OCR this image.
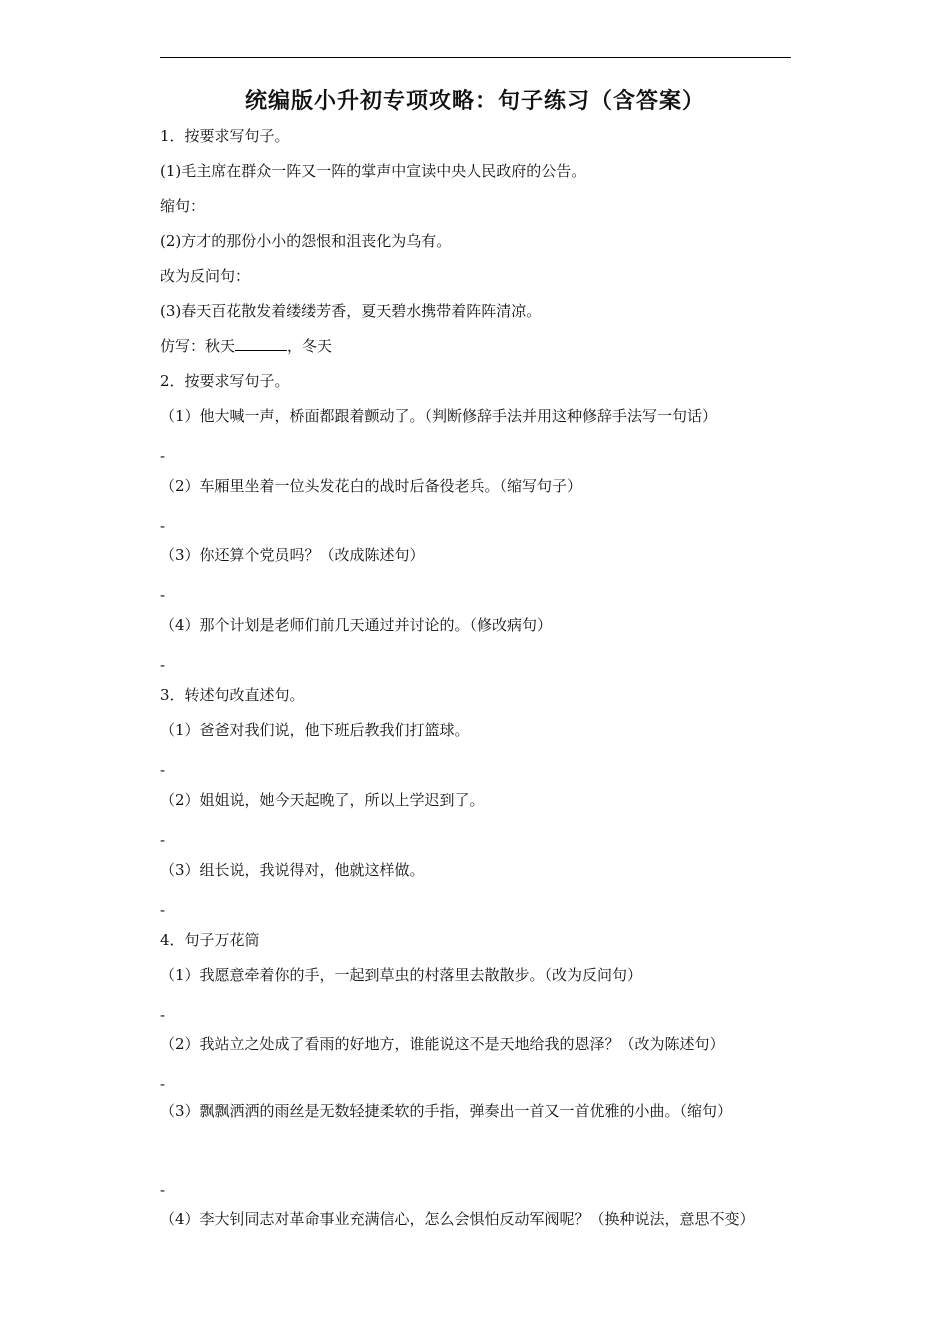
统编版小升初专项攻略：句子练习（含答案）
1．按要求写句子。
(1)毛主席在群众一阵又一阵的掌声中宣读中央人民政府的公告。
缩句：
(2)方才的那份小小的怨恨和沮丧化为乌有。
改为反问句：
(3)春天百花散发着缕缕芳香，夏天碧水携带着阵阵清凉。
仿写：秋天	，冬天
2．按要求写句子。
（1）他大喊一声，桥面都跟着颤动了。（判断修辞手法并用这种修辞手法写一句话）
-
（2）车厢里坐着一位头发花白的战时后备役老兵。（缩写句子）
-
（3）你还算个党员吗？（改成陈述句）
-
（4）那个计划是老师们前几天通过并讨论的。（修改病句）
-
3．转述句改直述句。
（1）爸爸对我们说，他下班后教我们打篮球。
-
（2）姐姐说，她今天起晚了，所以上学迟到了。
-
（3）组长说，我说得对，他就这样做。
-
4．句子万花筒
（1）我愿意牵着你的手，一起到草虫的村落里去散散步。（改为反问句）
-
（2）我站立之处成了看雨的好地方，谁能说这不是天地给我的恩泽？（改为陈述句）
-
（3）飘飘洒洒的雨丝是无数轻捷柔软的手指，弹奏出一首又一首优雅的小曲。（缩句）
-
（4）李大钊同志对革命事业充满信心，怎么会惧怕反动军阀呢？（换种说法，意思不变）
